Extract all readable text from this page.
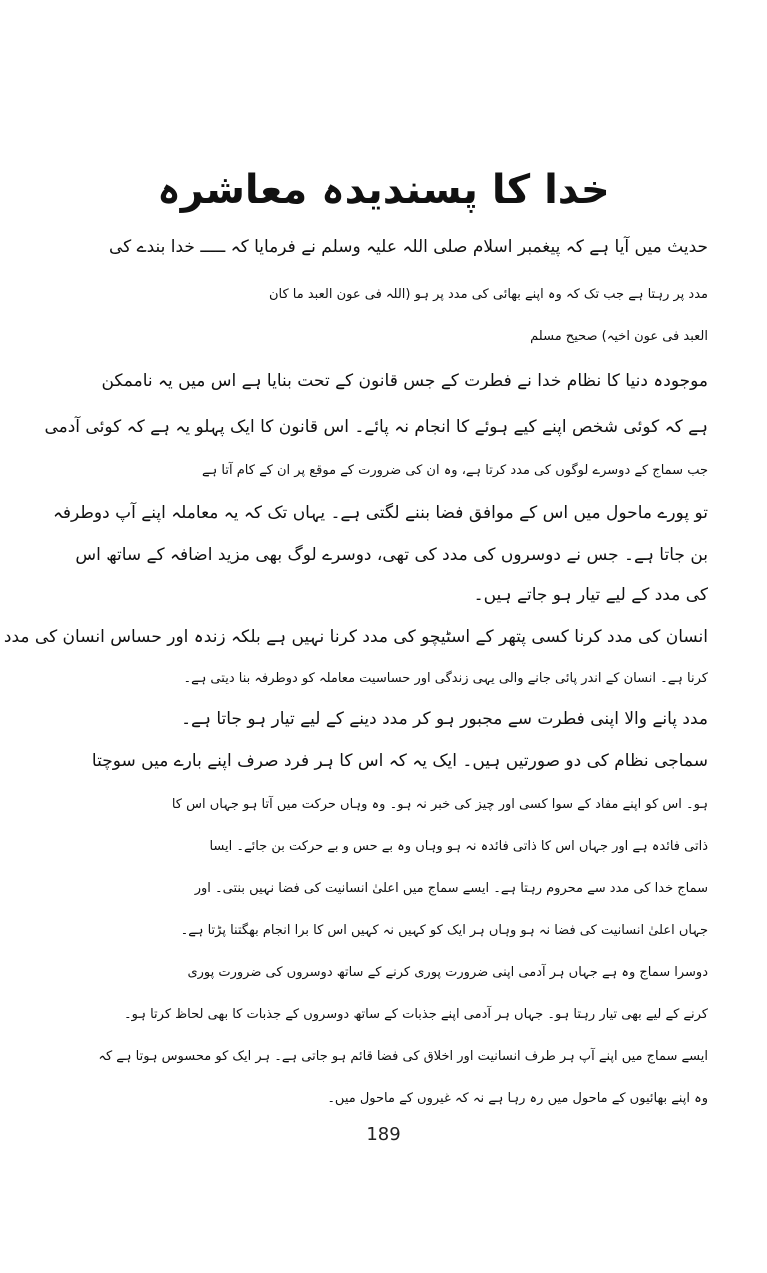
خدا کا پسندیدہ معاشرہ
حدیث میں آیا ہے کہ پیغمبر اسلام صلی اللہ علیہ وسلم نے فرمایا کہ ـــــ خدا بندے کی
مدد پر رہتا ہے جب تک کہ وہ اپنے بھائی کی مدد پر ہو (اللہ فی عون العبد ما کان
العبد فی عون اخیہ) صحیح مسلم
موجودہ دنیا کا نظام خدا نے فطرت کے جس قانون کے تحت بنایا ہے اس میں یہ ناممکن
ہے کہ کوئی شخص اپنے کیے ہوئے کا انجام نہ پائے۔ اس قانون کا ایک پہلو یہ ہے کہ کوئی آدمی
جب سماج کے دوسرے لوگوں کی مدد کرتا ہے، وہ ان کی ضرورت کے موقع پر ان کے کام آتا ہے
تو پورے ماحول میں اس کے موافق فضا بننے لگتی ہے۔ یہاں تک کہ یہ معاملہ اپنے آپ دوطرفہ
بن جاتا ہے۔ جس نے دوسروں کی مدد کی تھی، دوسرے لوگ بھی مزید اضافہ کے ساتھ اس
کی مدد کے لیے تیار ہو جاتے ہیں۔
انسان کی مدد کرنا کسی پتھر کے اسٹیچو کی مدد کرنا نہیں ہے بلکہ زندہ اور حساس انسان کی مدد
کرنا ہے۔ انسان کے اندر پائی جانے والی یہی زندگی اور حساسیت معاملہ کو دوطرفہ بنا دیتی ہے۔
مدد پانے والا اپنی فطرت سے مجبور ہو کر مدد دینے کے لیے تیار ہو جاتا ہے۔
سماجی نظام کی دو صورتیں ہیں۔ ایک یہ کہ اس کا ہر فرد صرف اپنے بارے میں سوچتا
ہو۔ اس کو اپنے مفاد کے سوا کسی اور چیز کی خبر نہ ہو۔ وہ وہاں حرکت میں آتا ہو جہاں اس کا
ذاتی فائدہ ہے اور جہاں اس کا ذاتی فائدہ نہ ہو وہاں وہ بے حس و بے حرکت بن جائے۔ ایسا
سماج خدا کی مدد سے محروم رہتا ہے۔ ایسے سماج میں اعلیٰ انسانیت کی فضا نہیں بنتی۔ اور
جہاں اعلیٰ انسانیت کی فضا نہ ہو وہاں ہر ایک کو کہیں نہ کہیں اس کا برا انجام بھگتنا پڑتا ہے۔
دوسرا سماج وہ ہے جہاں ہر آدمی اپنی ضرورت پوری کرنے کے ساتھ دوسروں کی ضرورت پوری
کرنے کے لیے بھی تیار رہتا ہو۔ جہاں ہر آدمی اپنے جذبات کے ساتھ دوسروں کے جذبات کا بھی لحاظ کرتا ہو۔
ایسے سماج میں اپنے آپ ہر طرف انسانیت اور اخلاق کی فضا قائم ہو جاتی ہے۔ ہر ایک کو محسوس ہوتا ہے کہ
وہ اپنے بھائیوں کے ماحول میں رہ رہا ہے نہ کہ غیروں کے ماحول میں۔
189
